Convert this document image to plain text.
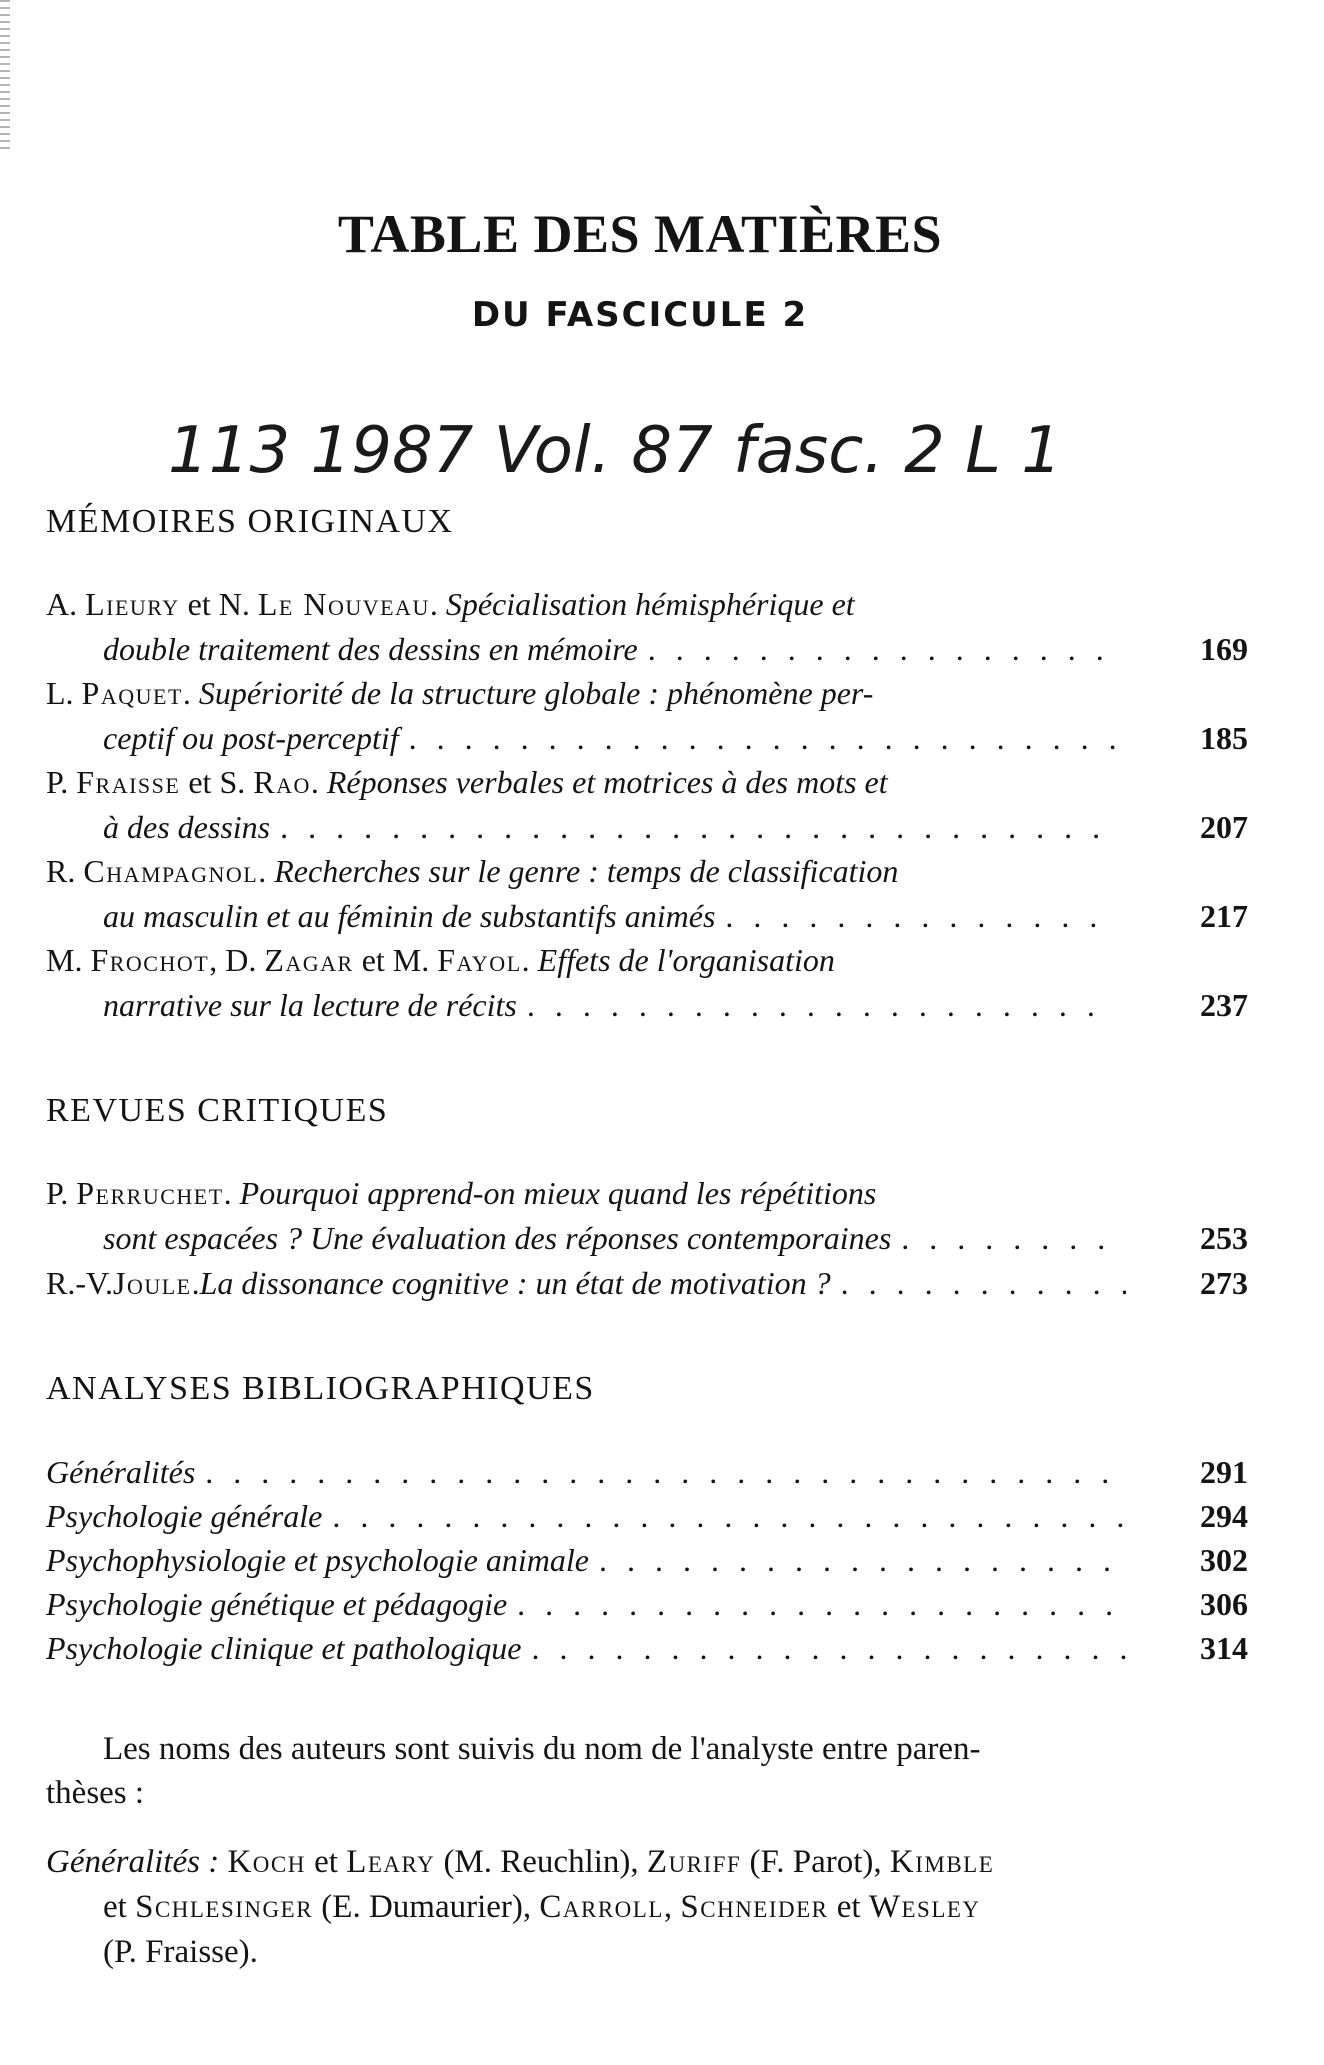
TABLE DES MATIÈRES
DU FASCICULE 2
113 1987 Vol. 87 fasc. 2 L 1
MÉMOIRES ORIGINAUX
A. Lieury et N. Le Nouveau. Spécialisation hémisphérique et
double traitement des dessins en mémoire . . .	169
L. Paquet. Supériorité de la structure globale : phénomène per-
ceptif ou post-perceptif . . .	185
P. Fraisse et S. Rao. Réponses verbales et motrices à des mots et
à des dessins . . .	207
R. Champagnol. Recherches sur le genre : temps de classification
au masculin et au féminin de substantifs animés . . .	217
M. Frochot, D. Zagar et M. Fayol. Effets de l'organisation
narrative sur la lecture de récits . . .	237
REVUES CRITIQUES
P. Perruchet. Pourquoi apprend-on mieux quand les répétitions
sont espacées ? Une évaluation des réponses contemporaines . . .	253
R.-V. Joule . La dissonance cognitive : un état de motivation ? . . .	273
ANALYSES BIBLIOGRAPHIQUES
Généralités . . .	291
Psychologie générale . . .	294
Psychophysiologie et psychologie animale . . .	302
Psychologie génétique et pédagogie . . .	306
Psychologie clinique et pathologique . . .	314
Les noms des auteurs sont suivis du nom de l'analyste entre paren-
thèses :
Généralités : Koch et Leary (M. Reuchlin), Zuriff (F. Parot), Kimble
et Schlesinger (E. Dumaurier), Carroll, Schneider et Wesley
(P. Fraisse).
